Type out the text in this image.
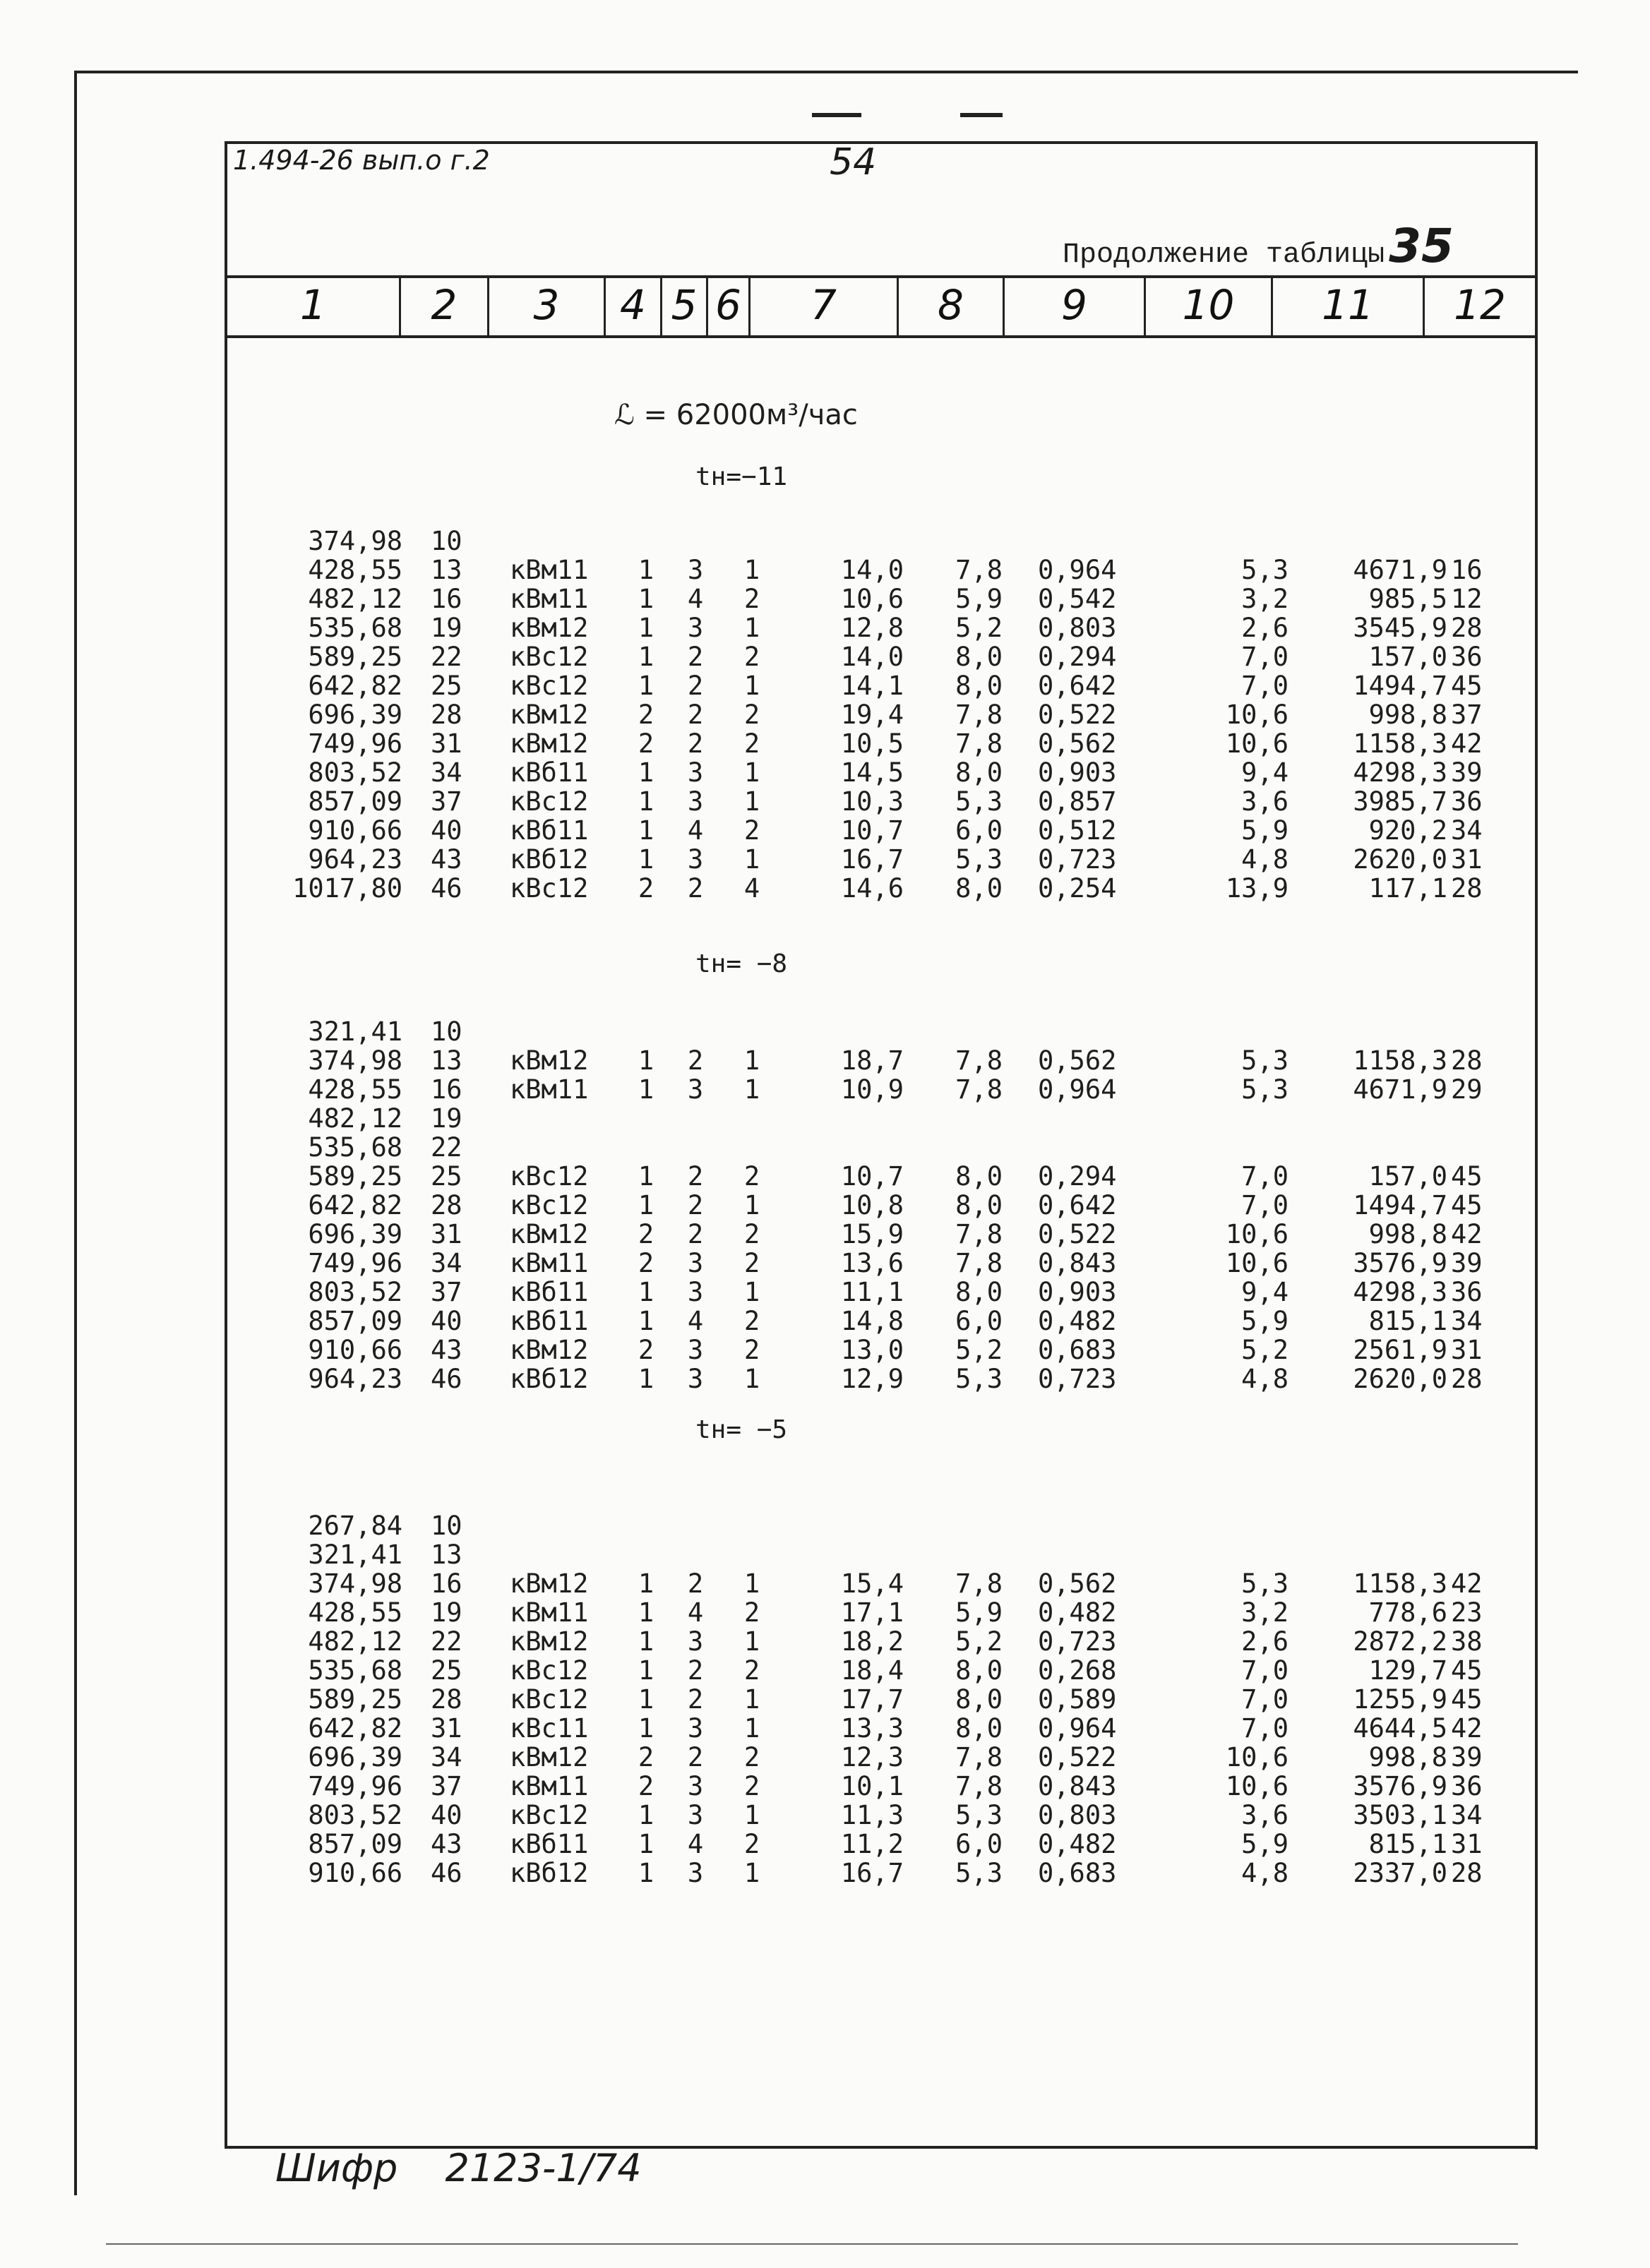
1.494-26 вып.о г.2	54
Продолжение таблицы35
1	2	3	4 5 6	7	8	9	10	11	12
ℒ = 62000м³/час
tн=−11
374,98 10
428,55 13	кВм11	1	3	1	14,0	7,8 0,964	5,3	4671,9 16
482,12 16	кВм11	1	4	2	10,6	5,9 0,542	3,2	985,5 12
535,68 19	кВм12	1	3	1	12,8	5,2 0,803	2,6	3545,9 28
589,25 22	кВс12	1	2	2	14,0	8,0 0,294	7,0	157,0 36
642,82 25	кВс12	1	2	1	14,1	8,0 0,642	7,0	1494,7 45
696,39 28	кВм12	2	2	2	19,4	7,8 0,522	10,6	998,8 37
749,96 31	кВм12	2	2	2	10,5	7,8 0,562	10,6	1158,3 42
803,52 34	кВб11	1	3	1	14,5	8,0 0,903	9,4	4298,3 39
857,09 37	кВс12	1	3	1	10,3	5,3 0,857	3,6	3985,7 36
910,66 40	кВб11	1	4	2	10,7	6,0 0,512	5,9	920,2 34
964,23 43	кВб12	1	3	1	16,7	5,3 0,723	4,8	2620,0 31
1017,80 46	кВс12	2	2	4	14,6	8,0 0,254	13,9	117,1 28
tн= −8
321,41 10
374,98 13	кВм12	1	2	1	18,7	7,8 0,562	5,3	1158,3 28
428,55 16	кВм11	1	3	1	10,9	7,8 0,964	5,3	4671,9 29
482,12 19
535,68 22
589,25 25	кВс12	1	2	2	10,7	8,0 0,294	7,0	157,0 45
642,82 28	кВс12	1	2	1	10,8	8,0 0,642	7,0	1494,7 45
696,39 31	кВм12	2	2	2	15,9	7,8 0,522	10,6	998,8 42
749,96 34	кВм11	2	3	2	13,6	7,8 0,843	10,6	3576,9 39
803,52 37	кВб11	1	3	1	11,1	8,0 0,903	9,4	4298,3 36
857,09 40	кВб11	1	4	2	14,8	6,0 0,482	5,9	815,1 34
910,66 43	кВм12	2	3	2	13,0	5,2 0,683	5,2	2561,9 31
964,23 46	кВб12	1	3	1	12,9	5,3 0,723	4,8	2620,0 28
tн= −5
267,84 10
321,41 13
374,98 16	кВм12	1	2	1	15,4	7,8 0,562	5,3	1158,3 42
428,55 19	кВм11	1	4	2	17,1	5,9 0,482	3,2	778,6 23
482,12 22	кВм12	1	3	1	18,2	5,2 0,723	2,6	2872,2 38
535,68 25	кВс12	1	2	2	18,4	8,0 0,268	7,0	129,7 45
589,25 28	кВс12	1	2	1	17,7	8,0 0,589	7,0	1255,9 45
642,82 31	кВс11	1	3	1	13,3	8,0 0,964	7,0	4644,5 42
696,39 34	кВм12	2	2	2	12,3	7,8 0,522	10,6	998,8 39
749,96 37	кВм11	2	3	2	10,1	7,8 0,843	10,6	3576,9 36
803,52 40	кВс12	1	3	1	11,3	5,3 0,803	3,6	3503,1 34
857,09 43	кВб11	1	4	2	11,2	6,0 0,482	5,9	815,1 31
910,66 46	кВб12	1	3	1	16,7	5,3 0,683	4,8	2337,0 28
Шифр 2123-1/74
